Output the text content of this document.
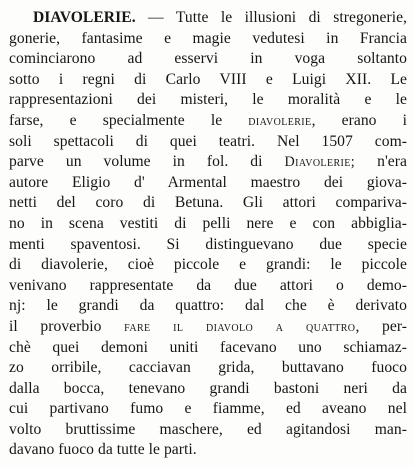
DIAVOLERIE. — Tutte le illusioni di stregonerie,
gonerie, fantasime e magie vedutesi in Francia
cominciarono ad esservi in voga soltanto
sotto i regni di Carlo VIII e Luigi XII. Le
rappresentazioni dei misteri, le moralità e le
farse, e specialmente le diavolerie, erano i
soli spettacoli di quei teatri. Nel 1507 com-
parve un volume in fol. di Diavolerie; n'era
autore Eligio d' Armental maestro dei giova-
netti del coro di Betuna. Gli attori compariva-
no in scena vestiti di pelli nere e con abbiglia-
menti spaventosi. Si distinguevano due specie
di diavolerie, cioè piccole e grandi: le piccole
venivano rappresentate da due attori o demo-
nj: le grandi da quattro: dal che è derivato
il proverbio fare il diavolo a quattro, per-
chè quei demoni uniti facevano uno schiamaz-
zo orribile, cacciavan grida, buttavano fuoco
dalla bocca, tenevano grandi bastoni neri da
cui partivano fumo e fiamme, ed aveano nel
volto bruttissime maschere, ed agitandosi man-
davano fuoco da tutte le parti.
